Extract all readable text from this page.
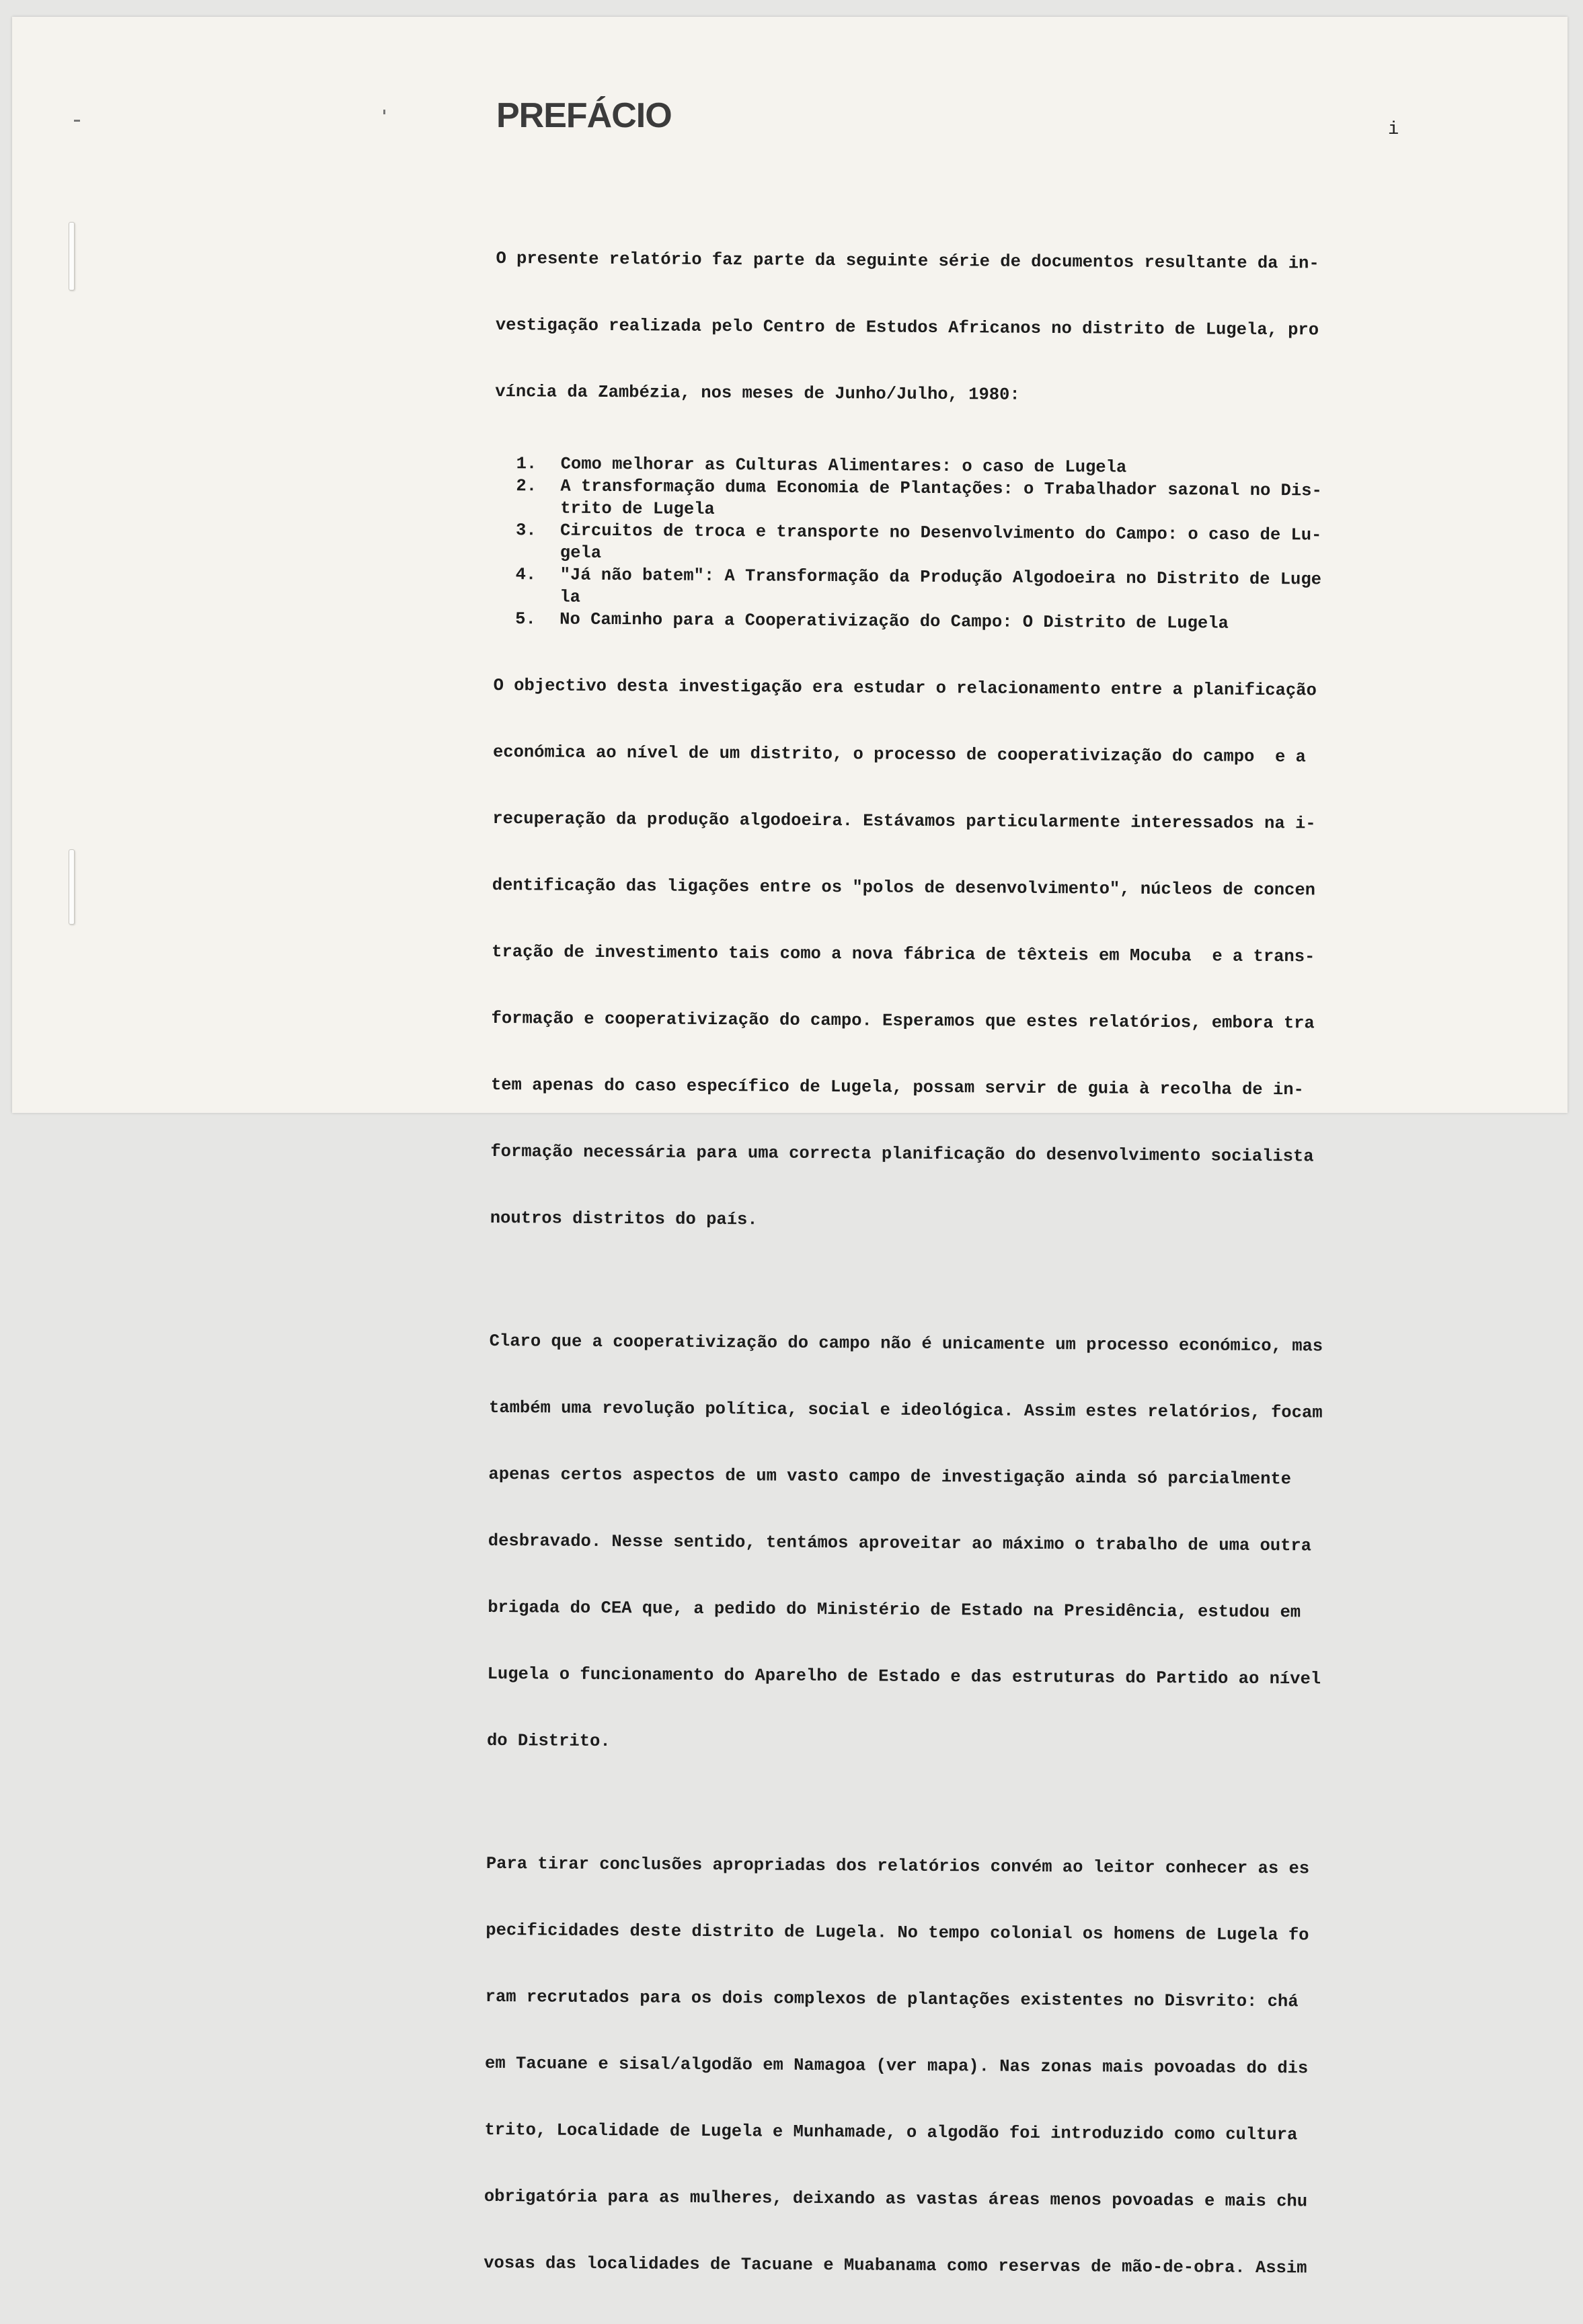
PREFÁCIO	i

O presente relatório faz parte da seguinte série de documentos resultante da in-

vestigação realizada pelo Centro de Estudos Africanos no distrito de Lugela, pro

víncia da Zambézia, nos meses de Junho/Julho, 1980:

1.	Como melhorar as Culturas Alimentares: o caso de Lugela
2.	A transformação duma Economia de Plantações: o Trabalhador sazonal no Dis-
trito de Lugela
3.	Circuitos de troca e transporte no Desenvolvimento do Campo: o caso de Lu-
gela
4.	"Já não batem": A Transformação da Produção Algodoeira no Distrito de Luge
la
5.	No Caminho para a Cooperativização do Campo: O Distrito de Lugela

O objectivo desta investigação era estudar o relacionamento entre a planificação

económica ao nível de um distrito, o processo de cooperativização do campo  e a

recuperação da produção algodoeira. Estávamos particularmente interessados na i-

dentificação das ligações entre os "polos de desenvolvimento", núcleos de concen

tração de investimento tais como a nova fábrica de têxteis em Mocuba  e a trans-

formação e cooperativização do campo. Esperamos que estes relatórios, embora tra

tem apenas do caso específico de Lugela, possam servir de guia à recolha de in-

formação necessária para uma correcta planificação do desenvolvimento socialista

noutros distritos do país.

Claro que a cooperativização do campo não é unicamente um processo económico, mas

também uma revolução política, social e ideológica. Assim estes relatórios, focam

apenas certos aspectos de um vasto campo de investigação ainda só parcialmente

desbravado. Nesse sentido, tentámos aproveitar ao máximo o trabalho de uma outra

brigada do CEA que, a pedido do Ministério de Estado na Presidência, estudou em

Lugela o funcionamento do Aparelho de Estado e das estruturas do Partido ao nível

do Distrito.

Para tirar conclusões apropriadas dos relatórios convém ao leitor conhecer as es

pecificidades deste distrito de Lugela. No tempo colonial os homens de Lugela fo

ram recrutados para os dois complexos de plantações existentes no Disvrito: chá

em Tacuane e sisal/algodão em Namagoa (ver mapa). Nas zonas mais povoadas do dis

trito, Localidade de Lugela e Munhamade, o algodão foi introduzido como cultura

obrigatória para as mulheres, deixando as vastas áreas menos povoadas e mais chu

vosas das localidades de Tacuane e Muabanama como reservas de mão-de-obra. Assim
